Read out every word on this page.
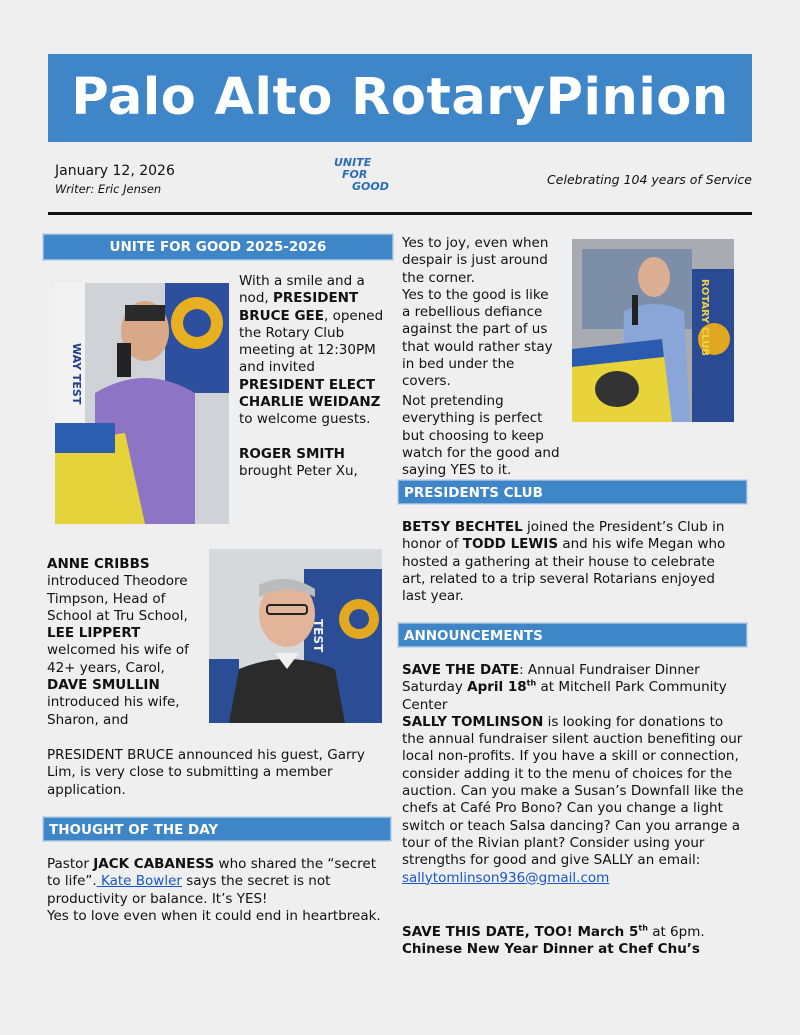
Palo Alto RotaryPinion
January 12, 2026
Writer: Eric Jensen
UNITE
FOR
GOOD	Celebrating 104 years of Service
UNITE FOR GOOD 2025-2026
WAY TEST
With a smile and a nod, PRESIDENT BRUCE GEE, opened the Rotary Club meeting at 12:30PM and invited PRESIDENT ELECT CHARLIE WEIDANZ to welcome guests.

ROGER SMITH brought Peter Xu,
TEST
ANNE CRIBBS introduced Theodore Timpson, Head of School at Tru School,
LEE LIPPERT welcomed his wife of 42+ years, Carol,
DAVE SMULLIN introduced his wife, Sharon, and
PRESIDENT BRUCE announced his guest, Garry Lim, is very close to submitting a member application.
THOUGHT OF THE DAY
Pastor JACK CABANESS who shared the “secret to life”. Kate Bowler says the secret is not productivity or balance. It’s YES!
Yes to love even when it could end in heartbreak.
Yes to joy, even when despair is just around the corner.
Yes to the good is like a rebellious defiance against the part of us that would rather stay in bed under the covers.

Not pretending everything is perfect but choosing to keep watch for the good and saying YES to it.
ROTARY CLUB
PRESIDENTS CLUB
BETSY BECHTEL joined the President’s Club in honor of TODD LEWIS and his wife Megan who hosted a gathering at their house to celebrate art, related to a trip several Rotarians enjoyed last year.
ANNOUNCEMENTS
SAVE THE DATE: Annual Fundraiser Dinner Saturday April 18th at Mitchell Park Community Center
SALLY TOMLINSON is looking for donations to the annual fundraiser silent auction benefiting our local non-profits. If you have a skill or connection, consider adding it to the menu of choices for the auction. Can you make a Susan’s Downfall like the chefs at Café Pro Bono? Can you change a light switch or teach Salsa dancing? Can you arrange a tour of the Rivian plant? Consider using your strengths for good and give SALLY an email:
sallytomlinson936@gmail.com
SAVE THIS DATE, TOO! March 5th at 6pm.
Chinese New Year Dinner at Chef Chu’s
